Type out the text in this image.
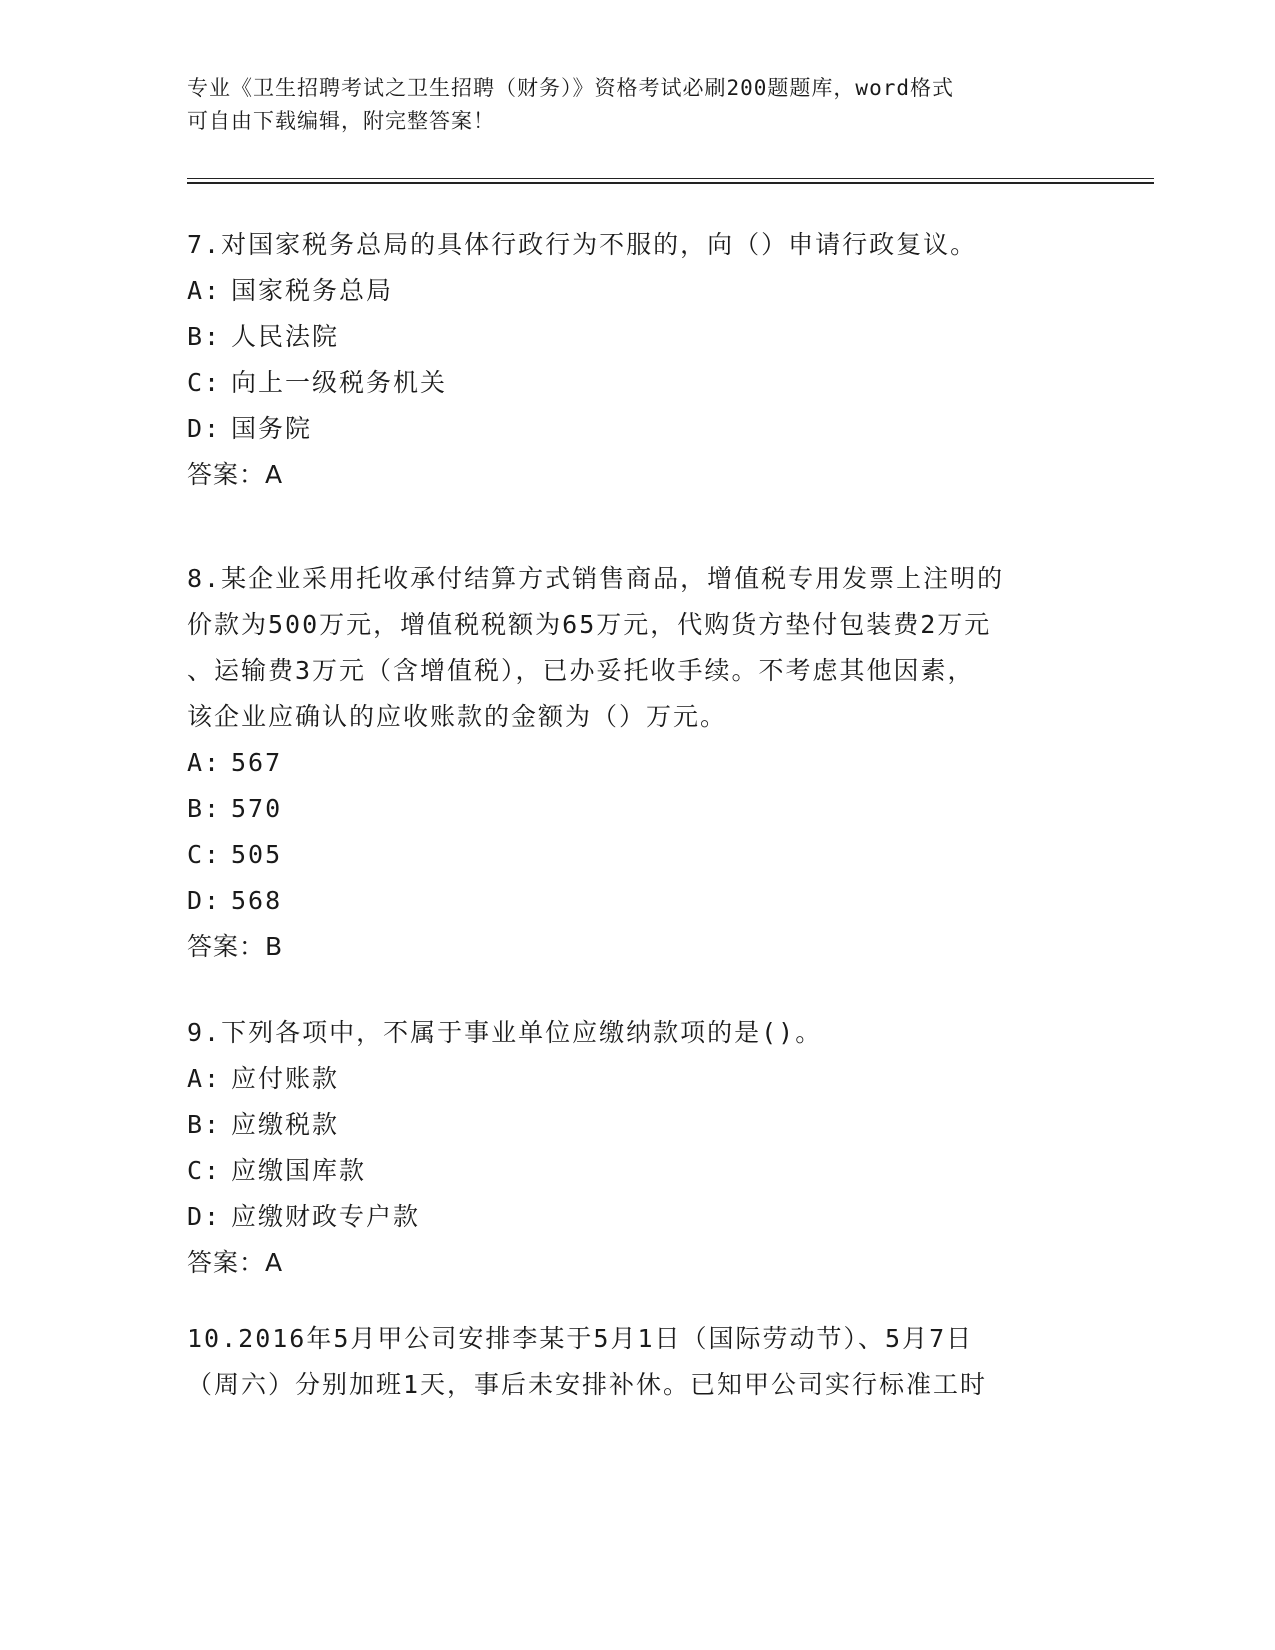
专业《卫生招聘考试之卫生招聘（财务）》资格考试必刷200题题库，word格式
可自由下载编辑，附完整答案！
7.对国家税务总局的具体行政行为不服的，向（）申请行政复议。
A: 国家税务总局
B: 人民法院
C: 向上一级税务机关
D: 国务院
答案：A
8.某企业采用托收承付结算方式销售商品，增值税专用发票上注明的
价款为500万元，增值税税额为65万元，代购货方垫付包装费2万元
、运输费3万元（含增值税），已办妥托收手续。不考虑其他因素，
该企业应确认的应收账款的金额为（）万元。
A: 567
B: 570
C: 505
D: 568
答案：B
9.下列各项中，不属于事业单位应缴纳款项的是()。
A: 应付账款
B: 应缴税款
C: 应缴国库款
D: 应缴财政专户款
答案：A
10.2016年5月甲公司安排李某于5月1日（国际劳动节）、5月7日
（周六）分别加班1天，事后未安排补休。已知甲公司实行标准工时
